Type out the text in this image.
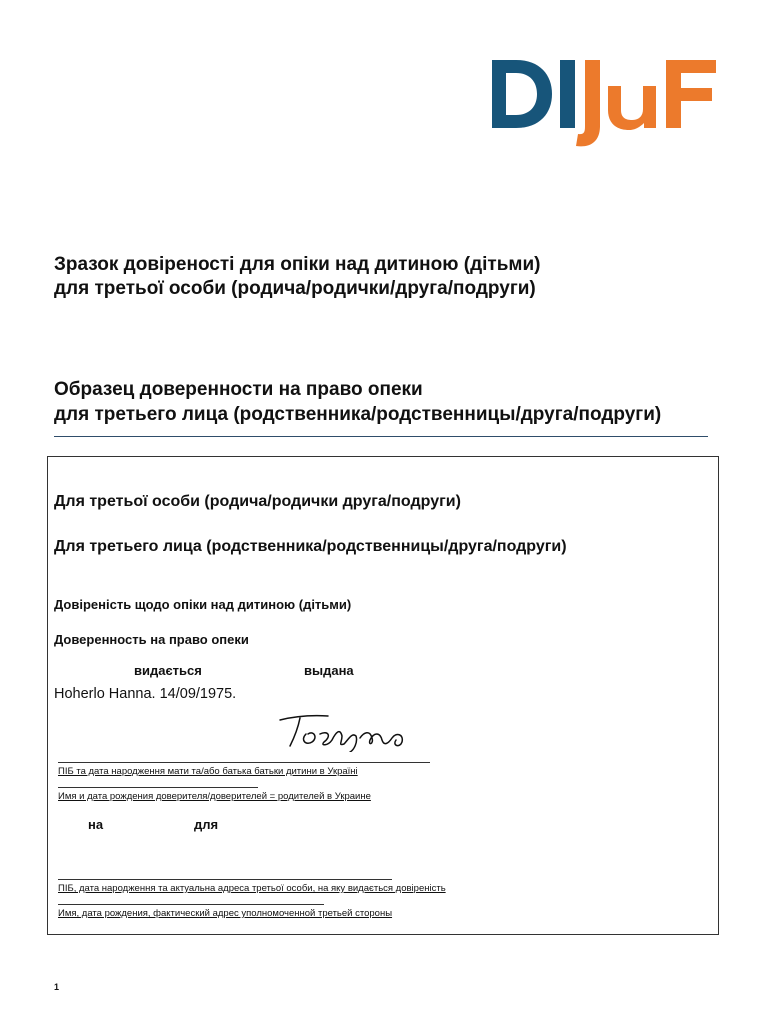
Зразок довіреності для опіки над дитиною (дітьми)
для третьої особи (родича/родички/друга/подруги)
Образец доверенности на право опеки
для третьего лица (родственника/родственницы/друга/подруги)
Для третьої особи (родича/родички друга/подруги)
Для третьего лица (родственника/родственницы/друга/подруги)
Довіреність щодо опіки над дитиною (дітьми)
Доверенность на право опеки
видається	выдана
Hoherlo Hanna. 14/09/1975.
ПІБ та дата народження мати та/або батька батьки дитини в Україні
Имя и дата рождения доверителя/доверителей = родителей в Украине
на	для
ПІБ, дата народження та актуальна адреса третьої особи, на яку видається довіреність
Имя, дата рождения, фактический адрес уполномоченной третьей стороны
1
